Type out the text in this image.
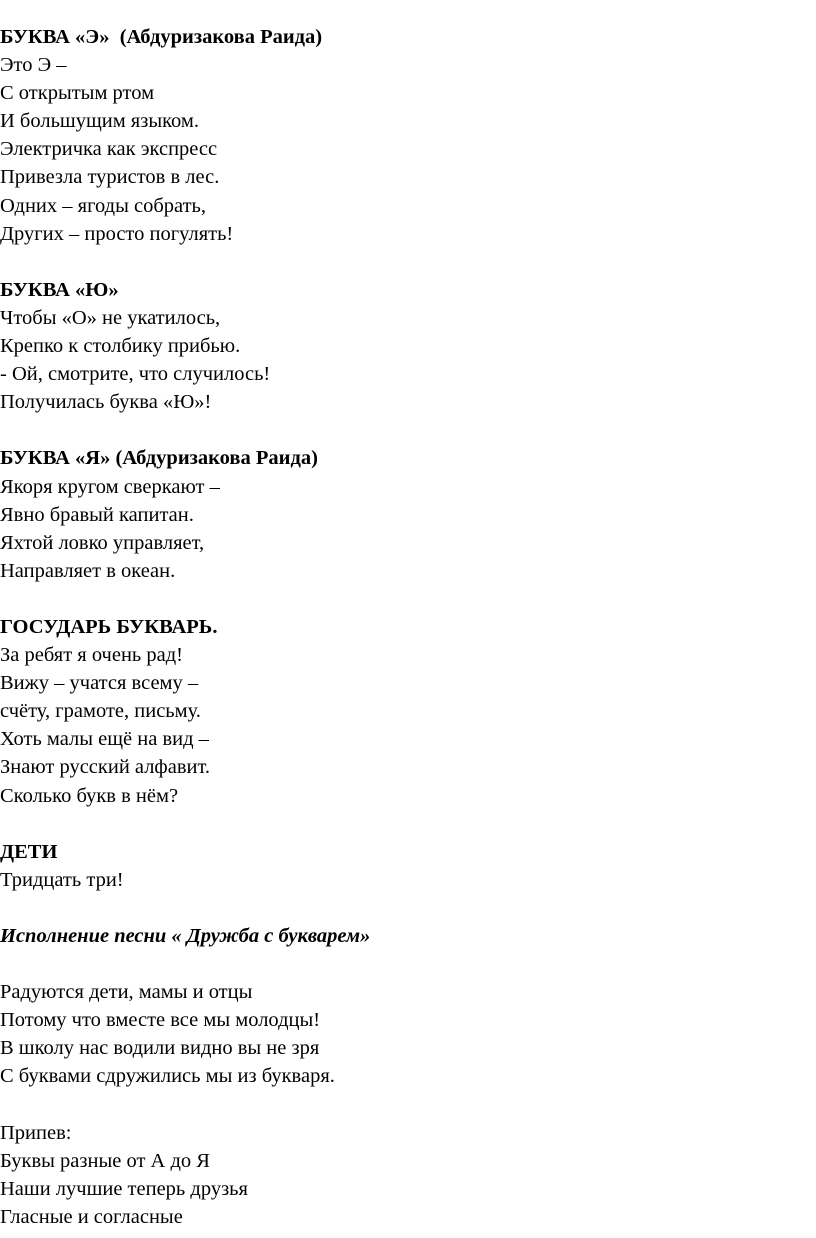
БУКВА «Э»  (Абдуризакова Раида)
Это Э –
С открытым ртом
И большущим языком.
Электричка как экспресс
Привезла туристов в лес.
Одних – ягоды собрать,
Других – просто погулять!
БУКВА «Ю»
Чтобы «О» не укатилось,
Крепко к столбику прибью.
- Ой, смотрите, что случилось!
Получилась буква «Ю»!
БУКВА «Я» (Абдуризакова Раида)
Якоря кругом сверкают –
Явно бравый капитан.
Яхтой ловко управляет,
Направляет в океан.
ГОСУДАРЬ БУКВАРЬ.
За ребят я очень рад!
Вижу – учатся всему –
счёту, грамоте, письму.
Хоть малы ещё на вид –
Знают русский алфавит.
Сколько букв в нём?
ДЕТИ
Тридцать три!
Исполнение песни « Дружба с букварем»
Радуются дети, мамы и отцы
Потому что вместе все мы молодцы!
В школу нас водили видно вы не зря
С буквами сдружились мы из букваря.
Припев:
Буквы разные от А до Я
Наши лучшие теперь друзья
Гласные и согласные
